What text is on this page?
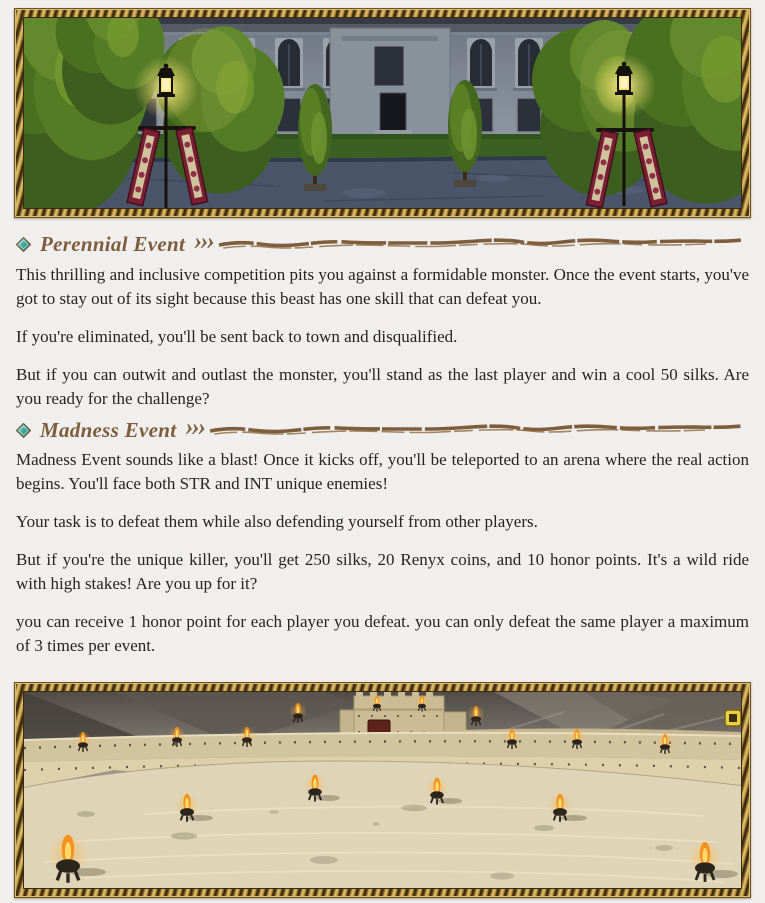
Perennial Event ›››

This thrilling and inclusive competition pits you against a formidable monster. Once the event starts, you've got to stay out of its sight because this beast has one skill that can defeat you.

If you're eliminated, you'll be sent back to town and disqualified.

But if you can outwit and outlast the monster, you'll stand as the last player and win a cool 50 silks. Are you ready for the challenge?

Madness Event ›››

Madness Event sounds like a blast! Once it kicks off, you'll be teleported to an arena where the real action begins. You'll face both STR and INT unique enemies!

Your task is to defeat them while also defending yourself from other players.

But if you're the unique killer, you'll get 250 silks, 20 Renyx coins, and 10 honor points. It's a wild ride with high stakes! Are you up for it?

you can receive 1 honor point for each player you defeat. you can only defeat the same player a maximum of 3 times per event.
